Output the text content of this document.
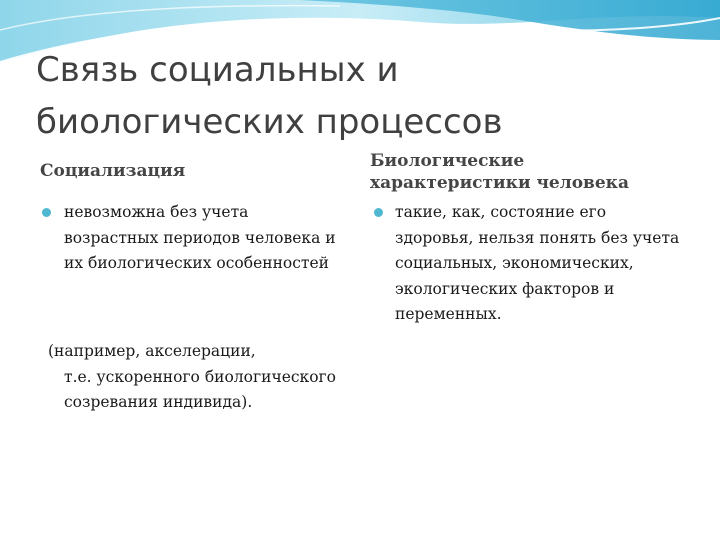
Связь социальных и биологических процессов
Социализация
невозможна без учета возрастных периодов человека и их биологических особенностей
(например, акселерации,
т.е. ускоренного биологического созревания индивида).
Биологические характеристики человека
такие, как, состояние его здоровья, нельзя понять без учета социальных, экономических, экологических факторов и переменных.
